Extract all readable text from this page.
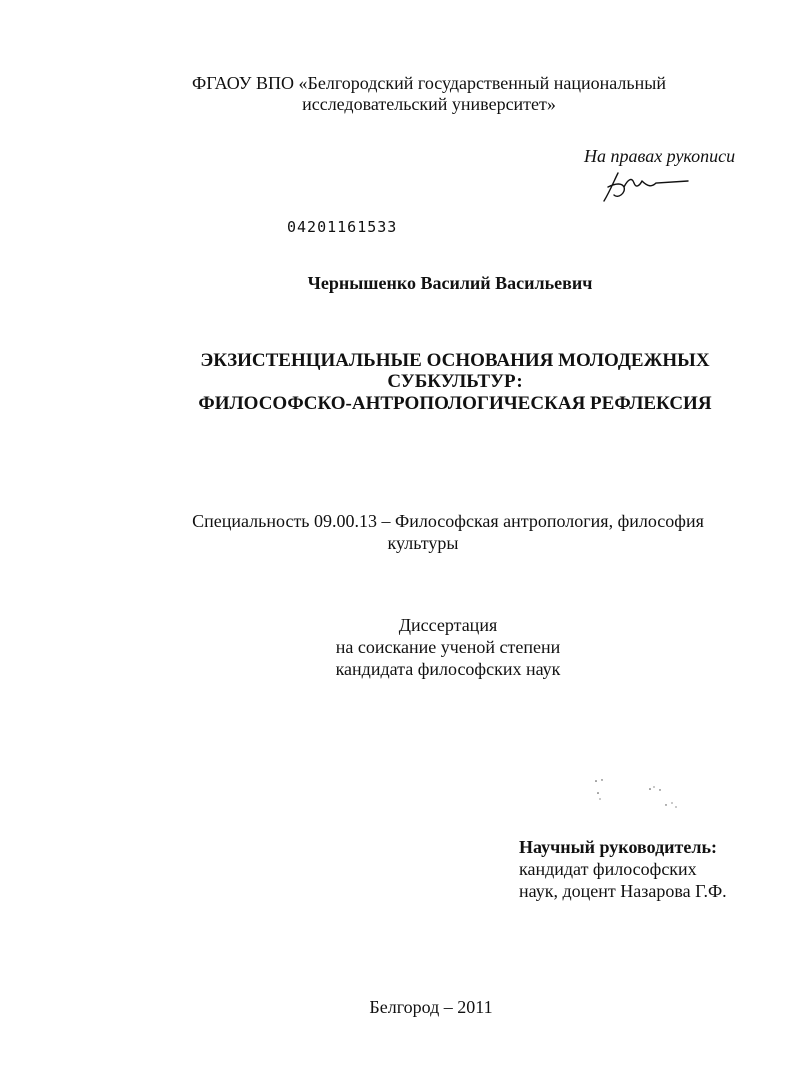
ФГАОУ ВПО «Белгородский государственный национальный
исследовательский университет»
На правах рукописи
04201161533
Чернышенко Василий Васильевич
ЭКЗИСТЕНЦИАЛЬНЫЕ ОСНОВАНИЯ МОЛОДЕЖНЫХ
СУБКУЛЬТУР:
ФИЛОСОФСКО-АНТРОПОЛОГИЧЕСКАЯ РЕФЛЕКСИЯ
Специальность 09.00.13 – Философская антропология, философия
культуры
Диссертация
на соискание ученой степени
кандидата философских наук
Научный руководитель:
кандидат философских
наук, доцент Назарова Г.Ф.
Белгород – 2011
